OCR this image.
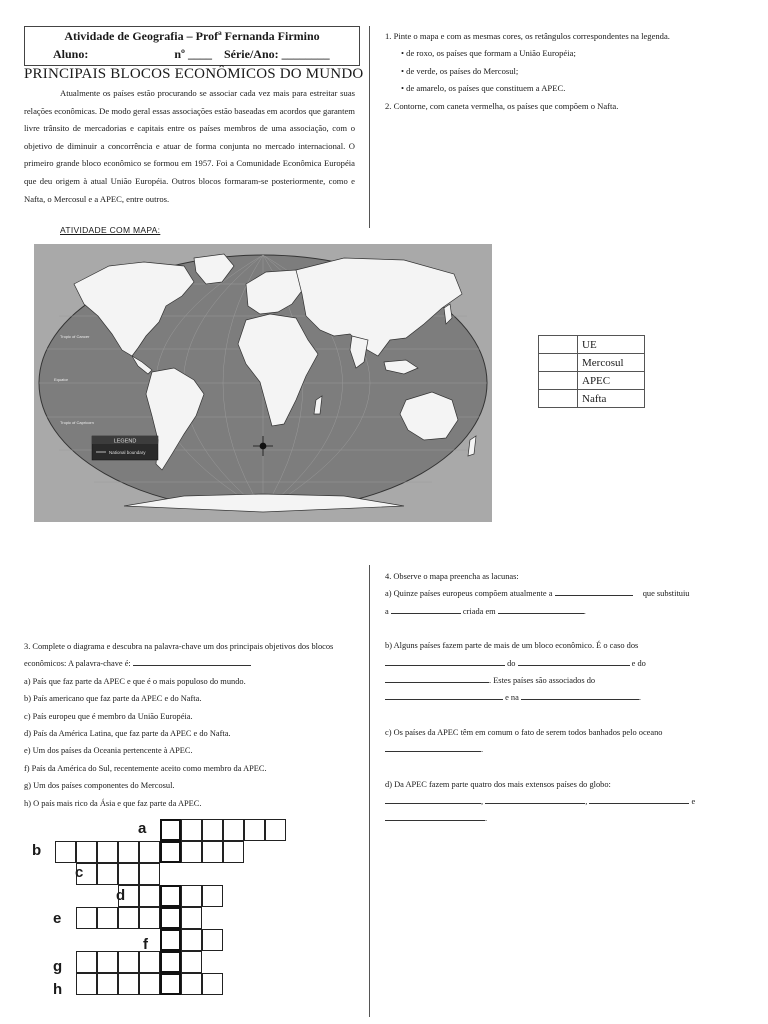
Atividade de Geografia – Profª Fernanda Firmino
Aluno:	nº ____ Série/Ano: ________
PRINCIPAIS BLOCOS ECONÔMICOS DO MUNDO

Atualmente os países estão procurando se associar cada vez mais para estreitar suas relações econômicas. De modo geral essas associações estão baseadas em acordos que garantem livre trânsito de mercadorias e capitais entre os países membros de uma associação, com o objetivo de diminuir a concorrência e atuar de forma conjunta no mercado internacional. O primeiro grande bloco econômico se formou em 1957. Foi a Comunidade Econômica Européia que deu origem à atual União Européia. Outros blocos formaram-se posteriormente, como e Nafta, o Mercosul e a APEC, entre outros.

ATIVIDADE COM MAPA:
LEGEND
National boundary
Tropic of Cancer
Equator
Tropic of Capricorn
1. Pinte o mapa e com as mesmas cores, os retângulos correspondentes na legenda.
• de roxo, os países que formam a União Européia;
• de verde, os países do Mercosul;
• de amarelo, os países que constituem a APEC.
2. Contorne, com caneta vermelha, os países que compõem o Nafta.
	UE
	Mercosul
	APEC
	Nafta
3. Complete o diagrama e descubra na palavra-chave um dos principais objetivos dos blocos econômicos: A palavra-chave é:
a) País que faz parte da APEC e que é o mais populoso do mundo.
b) País americano que faz parte da APEC e do Nafta.
c) País europeu que é membro da União Européia.
d) País da América Latina, que faz parte da APEC e do Nafta.
e) Um dos países da Oceania pertencente à APEC.
f) País da América do Sul, recentemente aceito como membro da APEC.
g) Um dos países componentes do Mercosul.
h) O país mais rico da Ásia e que faz parte da APEC.
a
b
c
d
e
f
g
h
4. Observe o mapa preencha as lacunas:
a) Quinze países europeus compõem atualmente a	que substituiu
a	criada em	.
b) Alguns países fazem parte de mais de um bloco econômico. É o caso dos
do	e do
. Estes países são associados do
e na	.
c) Os países da APEC têm em comum o fato de serem todos banhados pelo oceano
.
d) Da APEC fazem parte quatro dos mais extensos países do globo:
,	,	e
.
